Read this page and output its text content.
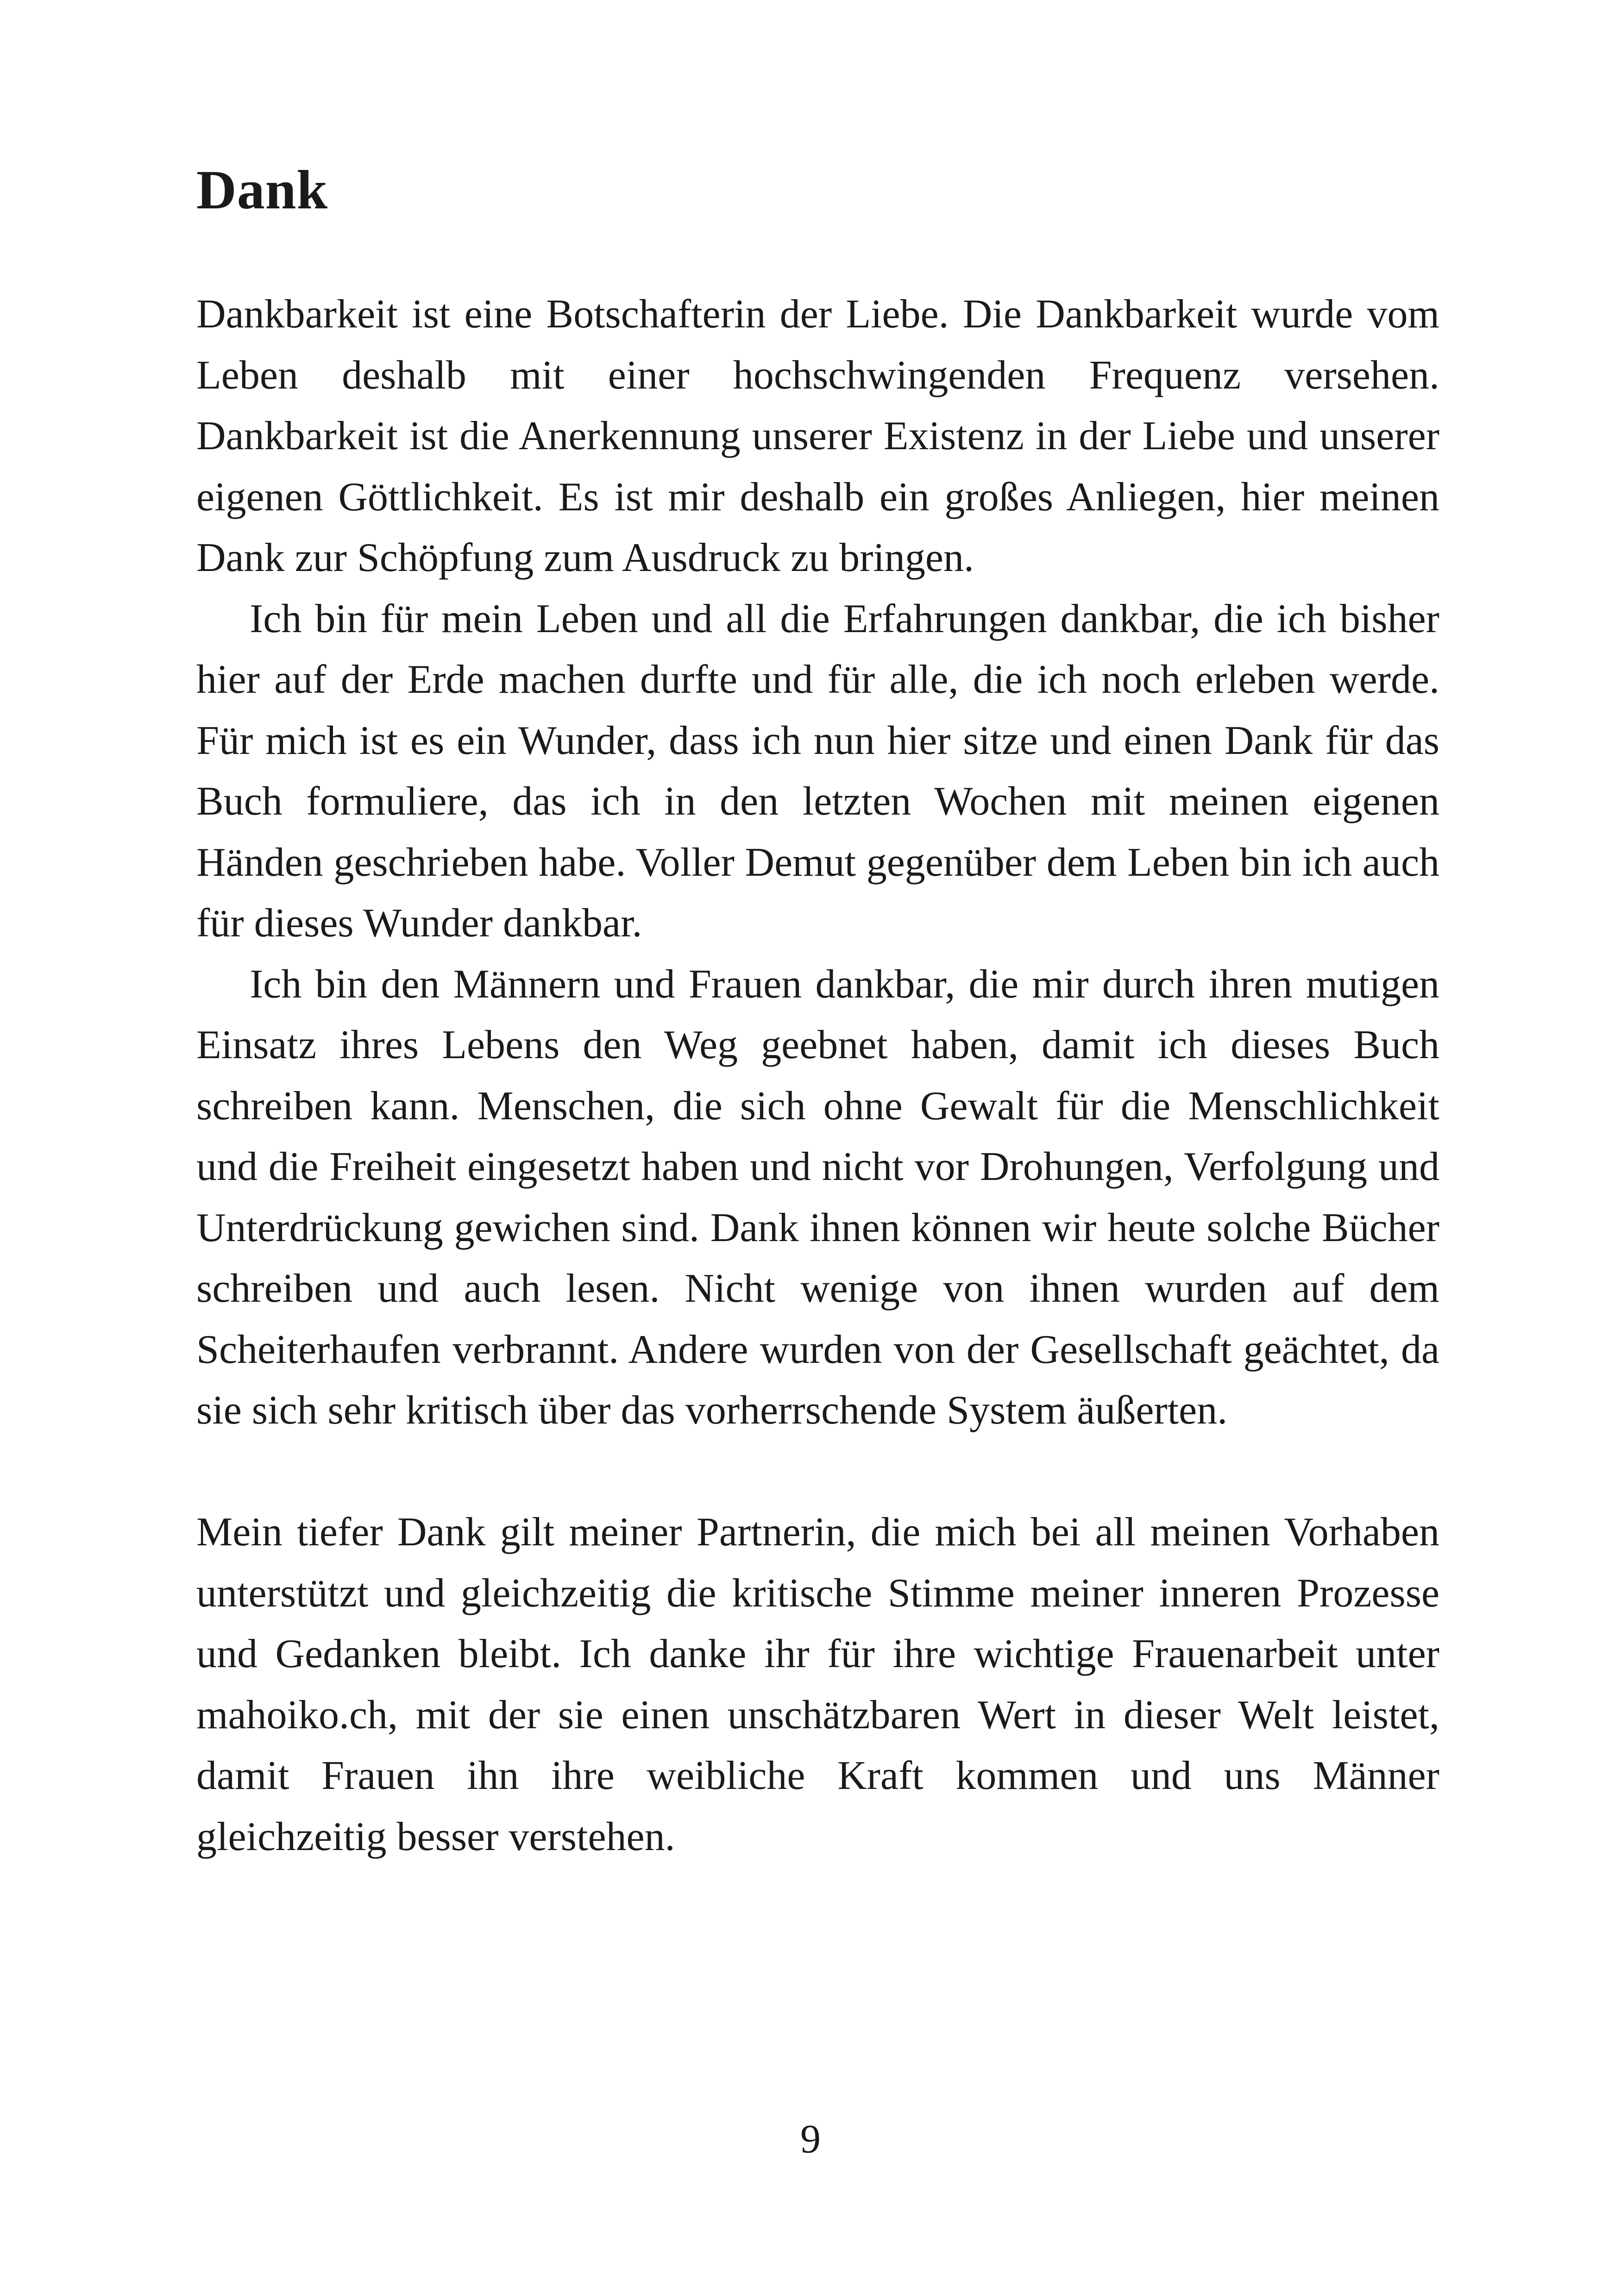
Dank

Dankbarkeit ist eine Botschafterin der Liebe. Die Dankbarkeit wurde vom Leben deshalb mit einer hochschwingenden Frequenz versehen. Dankbarkeit ist die Anerkennung unserer Existenz in der Liebe und unserer eigenen Göttlichkeit. Es ist mir deshalb ein großes Anliegen, hier meinen Dank zur Schöpfung zum Ausdruck zu bringen.

Ich bin für mein Leben und all die Erfahrungen dankbar, die ich bisher hier auf der Erde machen durfte und für alle, die ich noch erleben werde. Für mich ist es ein Wunder, dass ich nun hier sitze und einen Dank für das Buch formuliere, das ich in den letzten Wochen mit meinen eigenen Händen geschrieben habe. Voller Demut gegenüber dem Leben bin ich auch für dieses Wunder dankbar.

Ich bin den Männern und Frauen dankbar, die mir durch ihren mutigen Einsatz ihres Lebens den Weg geebnet haben, damit ich dieses Buch schreiben kann. Menschen, die sich ohne Gewalt für die Menschlichkeit und die Freiheit eingesetzt haben und nicht vor Drohungen, Verfolgung und Unterdrückung gewichen sind. Dank ihnen können wir heute solche Bücher schreiben und auch lesen. Nicht wenige von ihnen wurden auf dem Scheiterhaufen verbrannt. Andere wurden von der Gesellschaft geächtet, da sie sich sehr kritisch über das vorherrschende System äußerten.

Mein tiefer Dank gilt meiner Partnerin, die mich bei all meinen Vorhaben unterstützt und gleichzeitig die kritische Stimme meiner inneren Prozesse und Gedanken bleibt. Ich danke ihr für ihre wichtige Frauenarbeit unter mahoiko.ch, mit der sie einen unschätzbaren Wert in dieser Welt leistet, damit Frauen ihn ihre weibliche Kraft kommen und uns Männer gleichzeitig besser verstehen.

9
